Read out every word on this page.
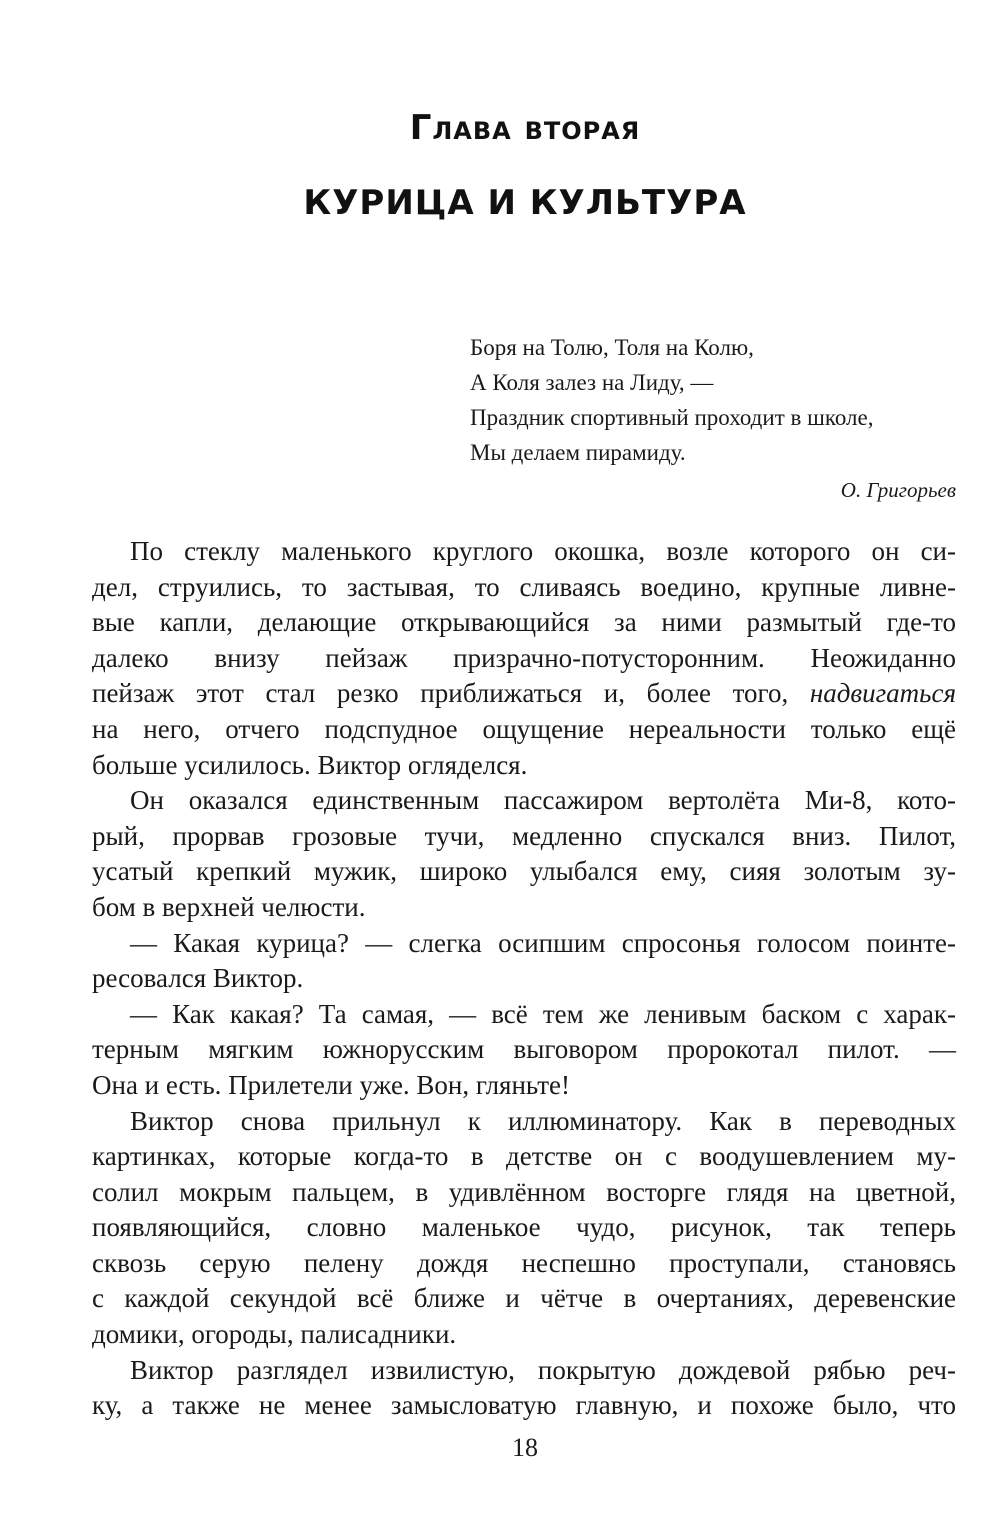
Глава вторая
КУРИЦА И КУЛЬТУРА
Боря на Толю, Толя на Колю,
А Коля залез на Лиду, —
Праздник спортивный проходит в школе,
Мы делаем пирамиду.
О. Григорьев

По стеклу маленького круглого окошка, возле которого он си-
дел, струились, то застывая, то сливаясь воедино, крупные ливне-
вые капли, делающие открывающийся за ними размытый где-то
далеко внизу пейзаж призрачно-потусторонним. Неожиданно
пейзаж этот стал резко приближаться и, более того, надвигаться
на него, отчего подспудное ощущение нереальности только ещё
больше усилилось. Виктор огляделся.

Он оказался единственным пассажиром вертолёта Ми-8, кото-
рый, прорвав грозовые тучи, медленно спускался вниз. Пилот,
усатый крепкий мужик, широко улыбался ему, сияя золотым зу-
бом в верхней челюсти.

— Какая курица? — слегка осипшим спросонья голосом поинте-
ресовался Виктор.

— Как какая? Та самая, — всё тем же ленивым баском с харак-
терным мягким южнорусским выговором пророкотал пилот. —
Она и есть. Прилетели уже. Вон, гляньте!

Виктор снова прильнул к иллюминатору. Как в переводных
картинках, которые когда-то в детстве он с воодушевлением му-
солил мокрым пальцем, в удивлённом восторге глядя на цветной,
появляющийся, словно маленькое чудо, рисунок, так теперь
сквозь серую пелену дождя неспешно проступали, становясь
с каждой секундой всё ближе и чётче в очертаниях, деревенские
домики, огороды, палисадники.

Виктор разглядел извилистую, покрытую дождевой рябью реч-
ку, а также не менее замысловатую главную, и похоже было, что

18
